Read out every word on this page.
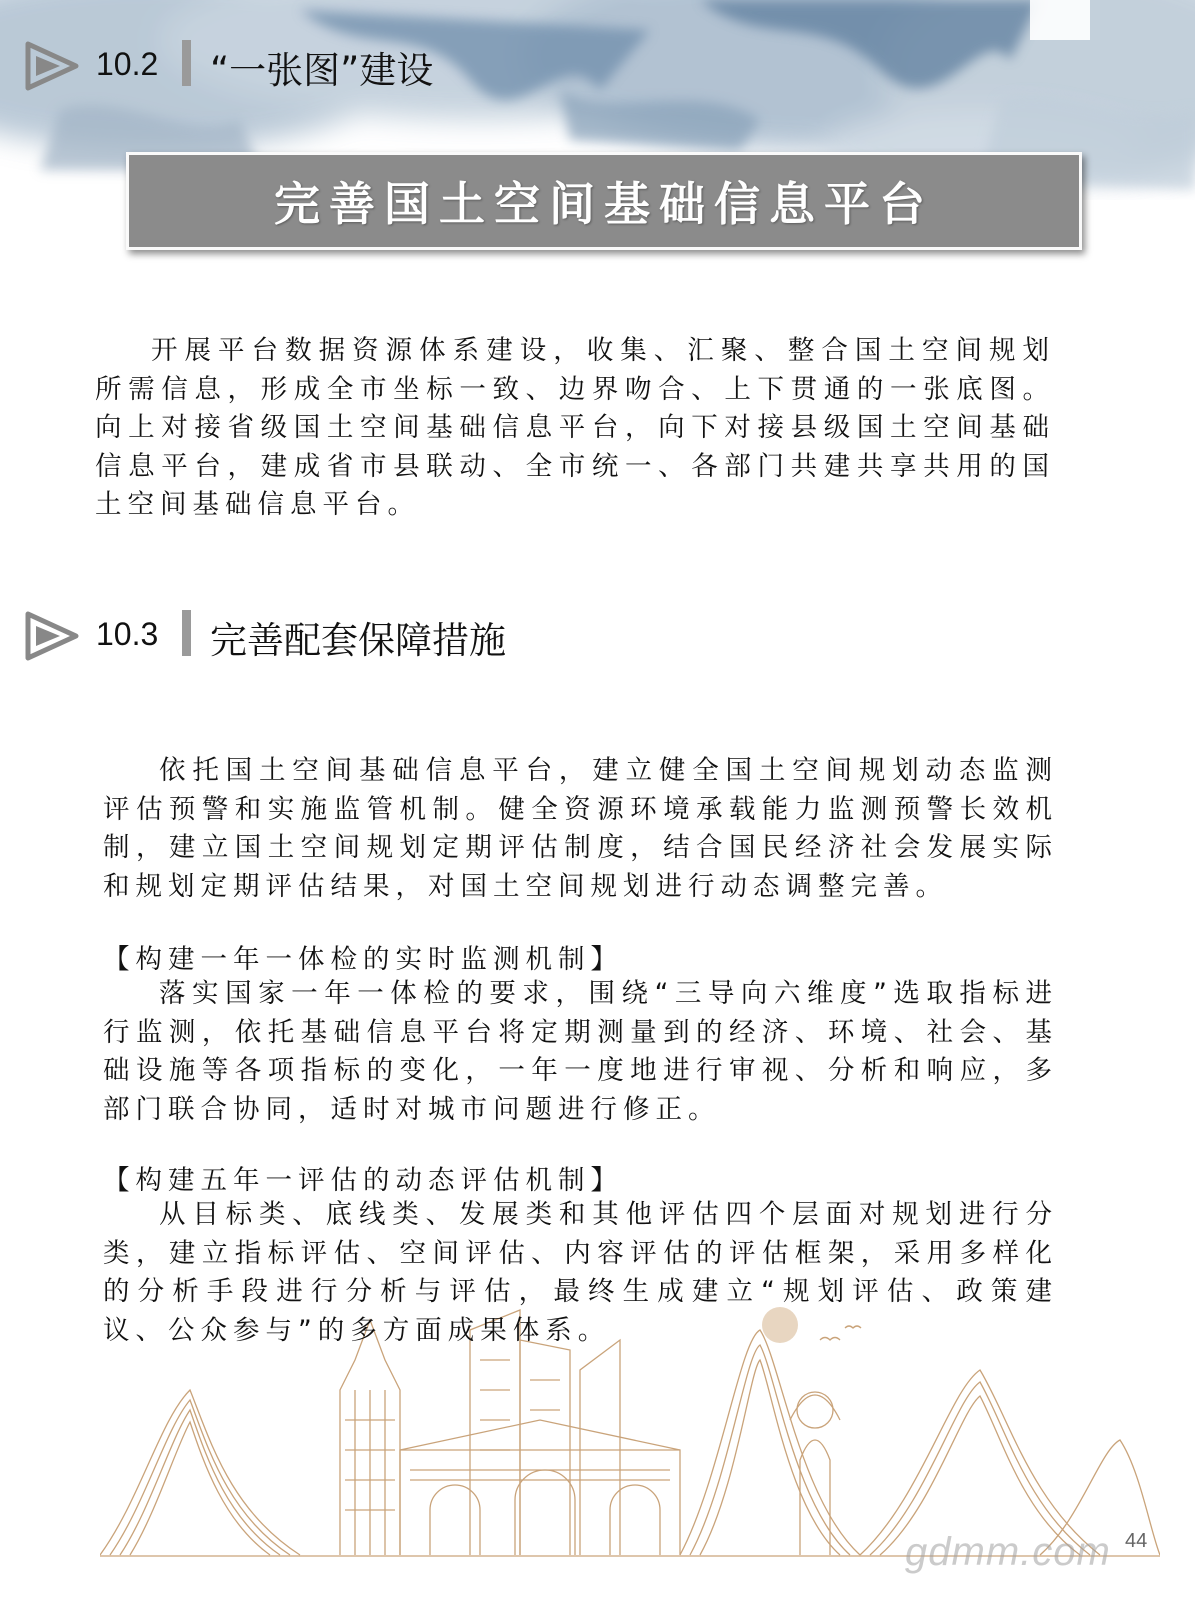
10.2 “一张图”建设
完善国土空间基础信息平台

开展平台数据资源体系建设，收集、汇聚、整合国土空间规划所需信息，形成全市坐标一致、边界吻合、上下贯通的一张底图。向上对接省级国土空间基础信息平台，向下对接县级国土空间基础信息平台，建成省市县联动、全市统一、各部门共建共享共用的国土空间基础信息平台。

10.3 完善配套保障措施

依托国土空间基础信息平台，建立健全国土空间规划动态监测评估预警和实施监管机制。健全资源环境承载能力监测预警长效机制，建立国土空间规划定期评估制度，结合国民经济社会发展实际和规划定期评估结果，对国土空间规划进行动态调整完善。

【构建一年一体检的实时监测机制】

落实国家一年一体检的要求，围绕“三导向六维度”选取指标进行监测，依托基础信息平台将定期测量到的经济、环境、社会、基础设施等各项指标的变化，一年一度地进行审视、分析和响应，多部门联合协同，适时对城市问题进行修正。

【构建五年一评估的动态评估机制】

从目标类、底线类、发展类和其他评估四个层面对规划进行分类，建立指标评估、空间评估、内容评估的评估框架，采用多样化的分析手段进行分析与评估，最终生成建立“规划评估、政策建议、公众参与”的多方面成果体系。

gdmm.com 44
